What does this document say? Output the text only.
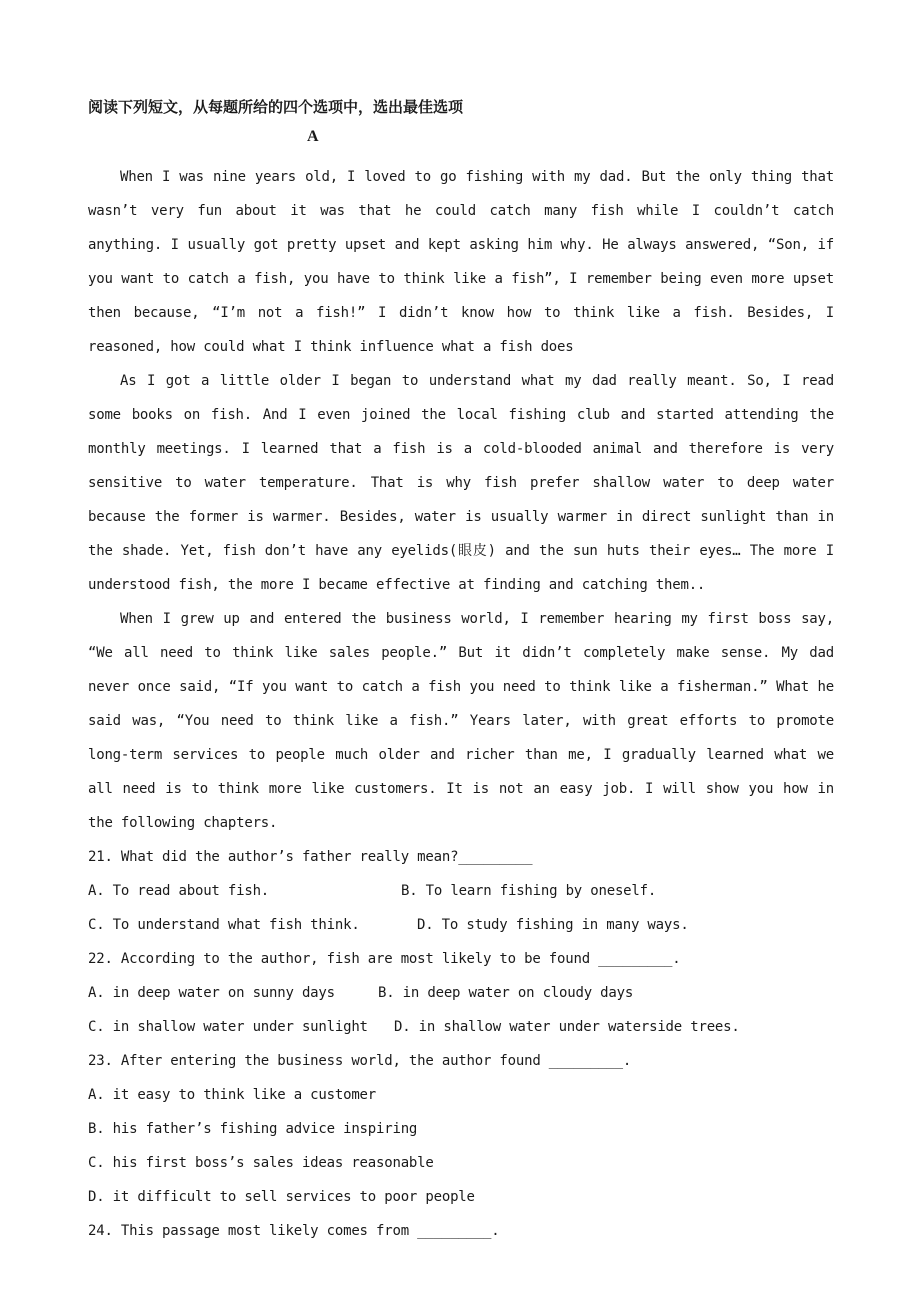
阅读下列短文，从每题所给的四个选项中，选出最佳选项
A

When I was nine years old, I loved to go fishing with my dad. But the only thing that wasn’t very fun about it was that he could catch many fish while I couldn’t catch anything. I usually got pretty upset and kept asking him why. He always answered, “Son, if you want to catch a fish, you have to think like a fish”, I remember being even more upset then because, “I’m not a fish!” I didn’t know how to think like a fish. Besides, I reasoned, how could what I think influence what a fish does

As I got a little older I began to understand what my dad really meant. So, I read some books on fish. And I even joined the local fishing club and started attending the monthly meetings. I learned that a fish is a cold-blooded animal and therefore is very sensitive to water temperature. That is why fish prefer shallow water to deep water because the former is warmer. Besides, water is usually warmer in direct sunlight than in the shade. Yet, fish don’t have any eyelids(眼皮) and the sun huts their eyes… The more I understood fish, the more I became effective at finding and catching them..

When I grew up and entered the business world, I remember hearing my first boss say, “We all need to think like sales people.” But it didn’t completely make sense. My dad never once said, “If you want to catch a fish you need to think like a fisherman.” What he said was, “You need to think like a fish.” Years later, with great efforts to promote long-term services to people much older and richer than me, I gradually learned what we all need is to think more like customers. It is not an easy job. I will show you how in the following chapters.

21. What did the author’s father really mean?_________
A. To read about fish.	B. To learn fishing by oneself.
C. To understand what fish think.	D. To study fishing in many ways.
22. According to the author, fish are most likely to be found _________.
A. in deep water on sunny days	B. in deep water on cloudy days
C. in shallow water under sunlight	D. in shallow water under waterside trees.
23. After entering the business world, the author found _________.
A. it easy to think like a customer
B. his father’s fishing advice inspiring
C. his first boss’s sales ideas reasonable
D. it difficult to sell services to poor people
24. This passage most likely comes from _________.
